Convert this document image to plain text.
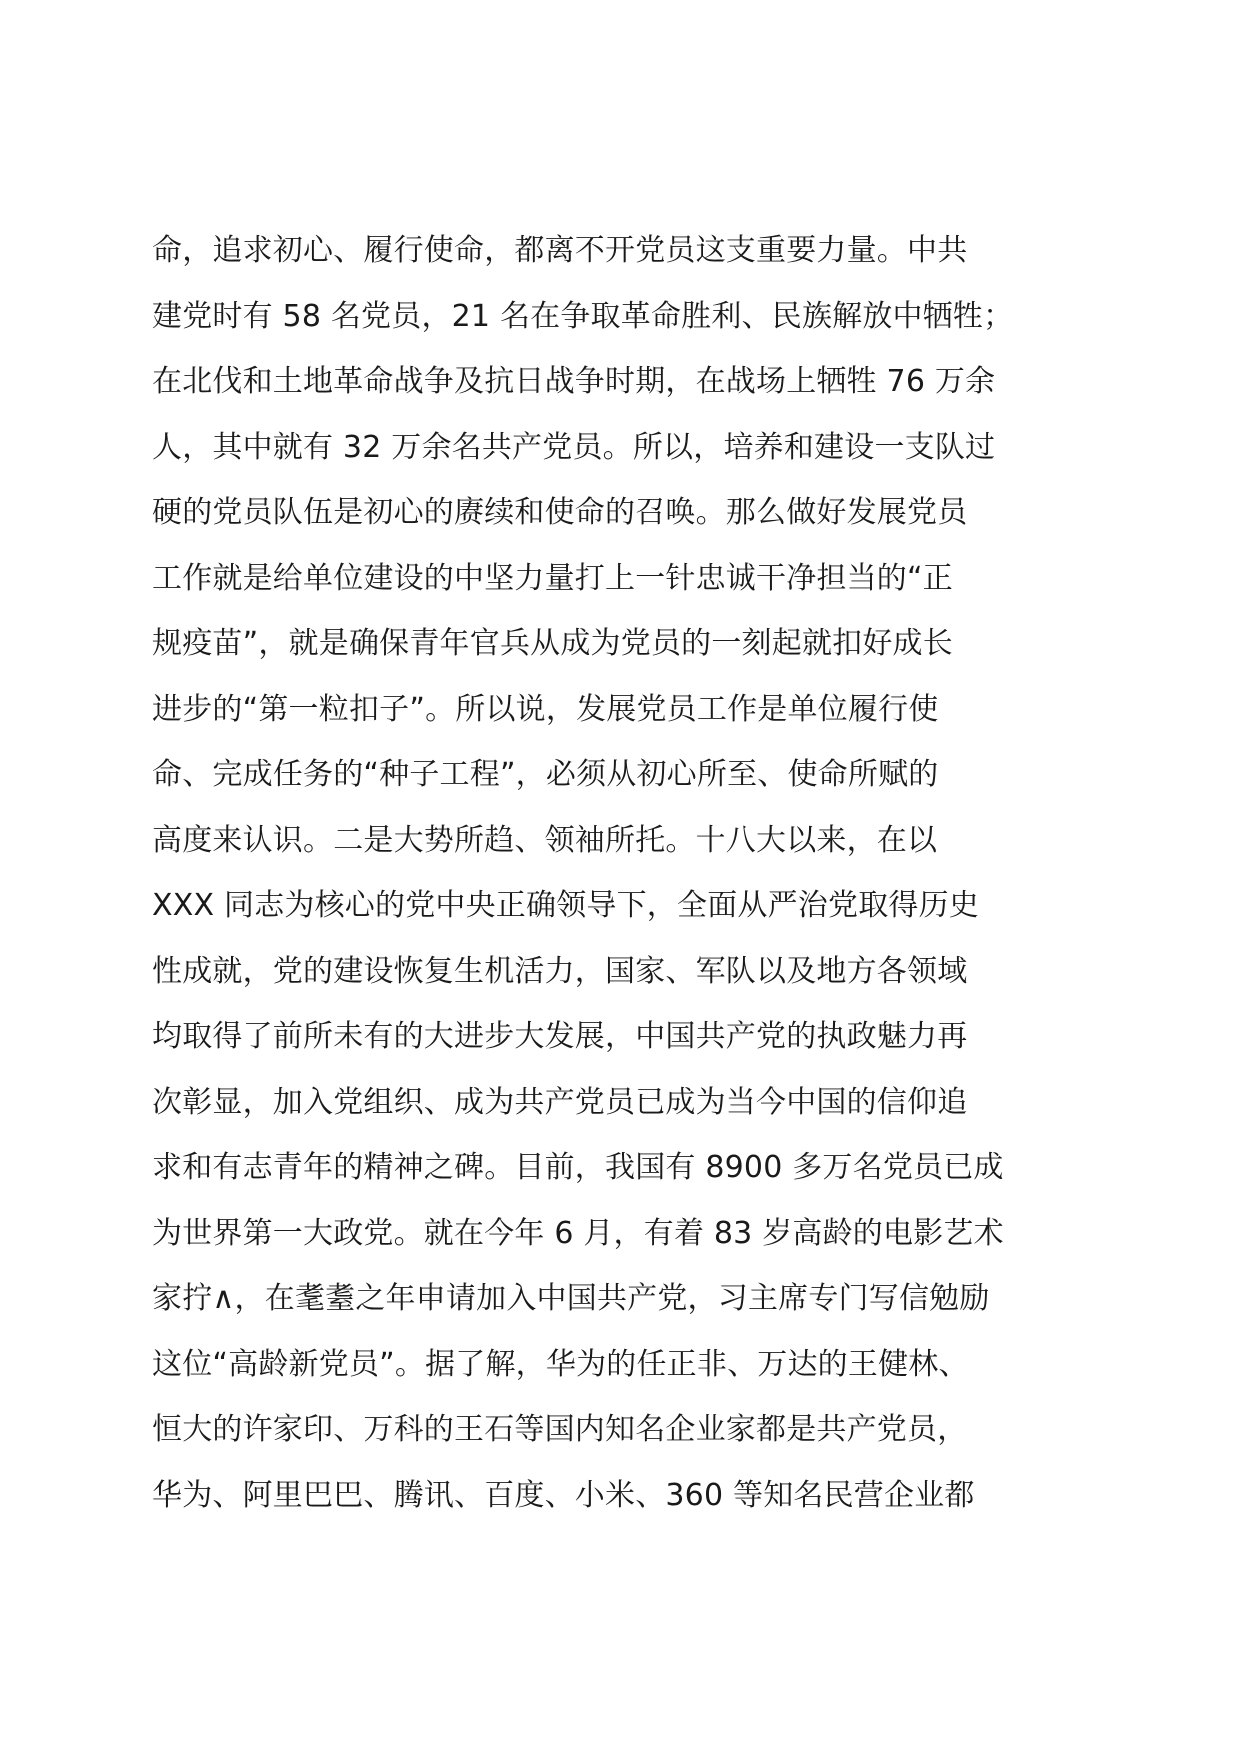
命，追求初心、履行使命，都离不开党员这支重要力量。中共
建党时有 58 名党员，21 名在争取革命胜利、民族解放中牺牲；
在北伐和土地革命战争及抗日战争时期，在战场上牺牲 76 万余
人，其中就有 32 万余名共产党员。所以，培养和建设一支队过
硬的党员队伍是初心的赓续和使命的召唤。那么做好发展党员
工作就是给单位建设的中坚力量打上一针忠诚干净担当的“正
规疫苗”，就是确保青年官兵从成为党员的一刻起就扣好成长
进步的“第一粒扣子”。所以说，发展党员工作是单位履行使
命、完成任务的“种子工程”，必须从初心所至、使命所赋的
高度来认识。二是大势所趋、领袖所托。十八大以来，在以
XXX 同志为核心的党中央正确领导下，全面从严治党取得历史
性成就，党的建设恢复生机活力，国家、军队以及地方各领域
均取得了前所未有的大进步大发展，中国共产党的执政魅力再
次彰显，加入党组织、成为共产党员已成为当今中国的信仰追
求和有志青年的精神之碑。目前，我国有 8900 多万名党员已成
为世界第一大政党。就在今年 6 月，有着 83 岁高龄的电影艺术
家拧∧，在耄耋之年申请加入中国共产党，习主席专门写信勉励
这位“高龄新党员”。据了解，华为的任正非、万达的王健林、
恒大的许家印、万科的王石等国内知名企业家都是共产党员，
华为、阿里巴巴、腾讯、百度、小米、360 等知名民营企业都
